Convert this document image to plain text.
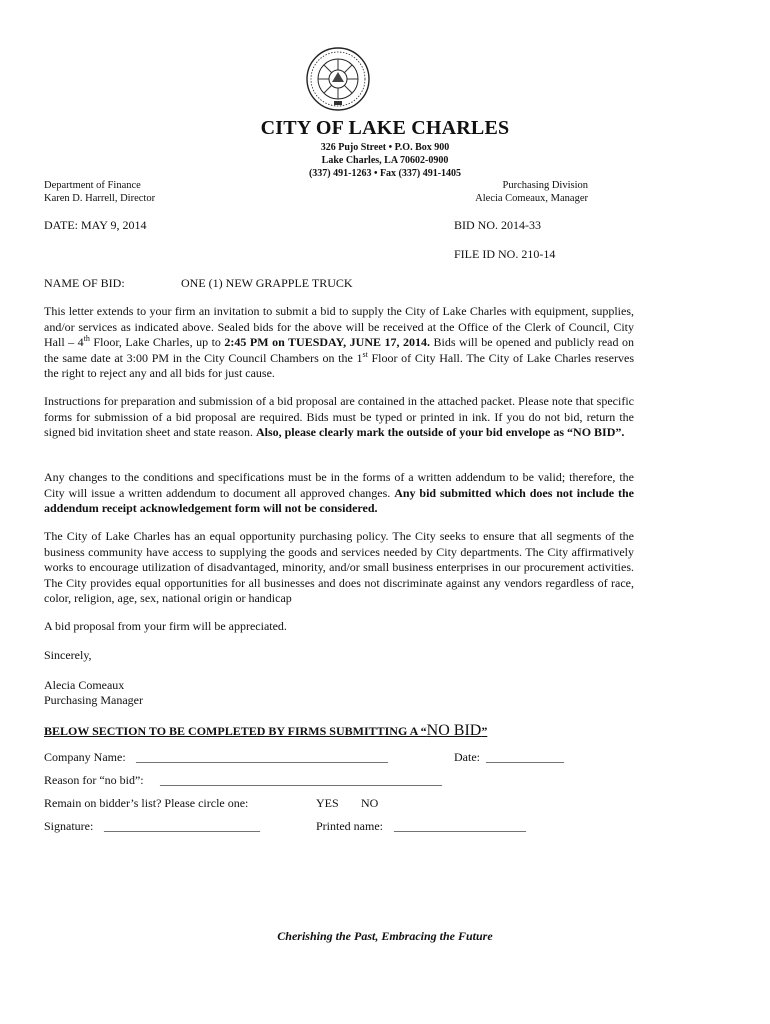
CITY OF LAKE CHARLES
326 Pujo Street • P.O. Box 900
Lake Charles, LA 70602-0900
(337) 491-1263 • Fax (337) 491-1405
Department of Finance
Karen D. Harrell, Director
Purchasing Division
Alecia Comeaux, Manager
DATE: MAY 9, 2014	BID NO. 2014-33
FILE ID NO. 210-14
NAME OF BID:	ONE (1) NEW GRAPPLE TRUCK
This letter extends to your firm an invitation to submit a bid to supply the City of Lake Charles with equipment, supplies, and/or services as indicated above. Sealed bids for the above will be received at the Office of the Clerk of Council, City Hall – 4th Floor, Lake Charles, up to 2:45 PM on TUESDAY, JUNE 17, 2014. Bids will be opened and publicly read on the same date at 3:00 PM in the City Council Chambers on the 1st Floor of City Hall. The City of Lake Charles reserves the right to reject any and all bids for just cause.
Instructions for preparation and submission of a bid proposal are contained in the attached packet. Please note that specific forms for submission of a bid proposal are required. Bids must be typed or printed in ink. If you do not bid, return the signed bid invitation sheet and state reason. Also, please clearly mark the outside of your bid envelope as “NO BID”.
Any changes to the conditions and specifications must be in the forms of a written addendum to be valid; therefore, the City will issue a written addendum to document all approved changes. Any bid submitted which does not include the addendum receipt acknowledgement form will not be considered.
The City of Lake Charles has an equal opportunity purchasing policy. The City seeks to ensure that all segments of the business community have access to supplying the goods and services needed by City departments. The City affirmatively works to encourage utilization of disadvantaged, minority, and/or small business enterprises in our procurement activities. The City provides equal opportunities for all businesses and does not discriminate against any vendors regardless of race, color, religion, age, sex, national origin or handicap
A bid proposal from your firm will be appreciated.
Sincerely,
Alecia Comeaux
Purchasing Manager
BELOW SECTION TO BE COMPLETED BY FIRMS SUBMITTING A “NO BID”
Company Name: __________________________________________	Date: _____________
Reason for “no bid”: _______________________________________________
Remain on bidder’s list? Please circle one:	YES NO
Signature: __________________________	Printed name: ______________________
Cherishing the Past, Embracing the Future
